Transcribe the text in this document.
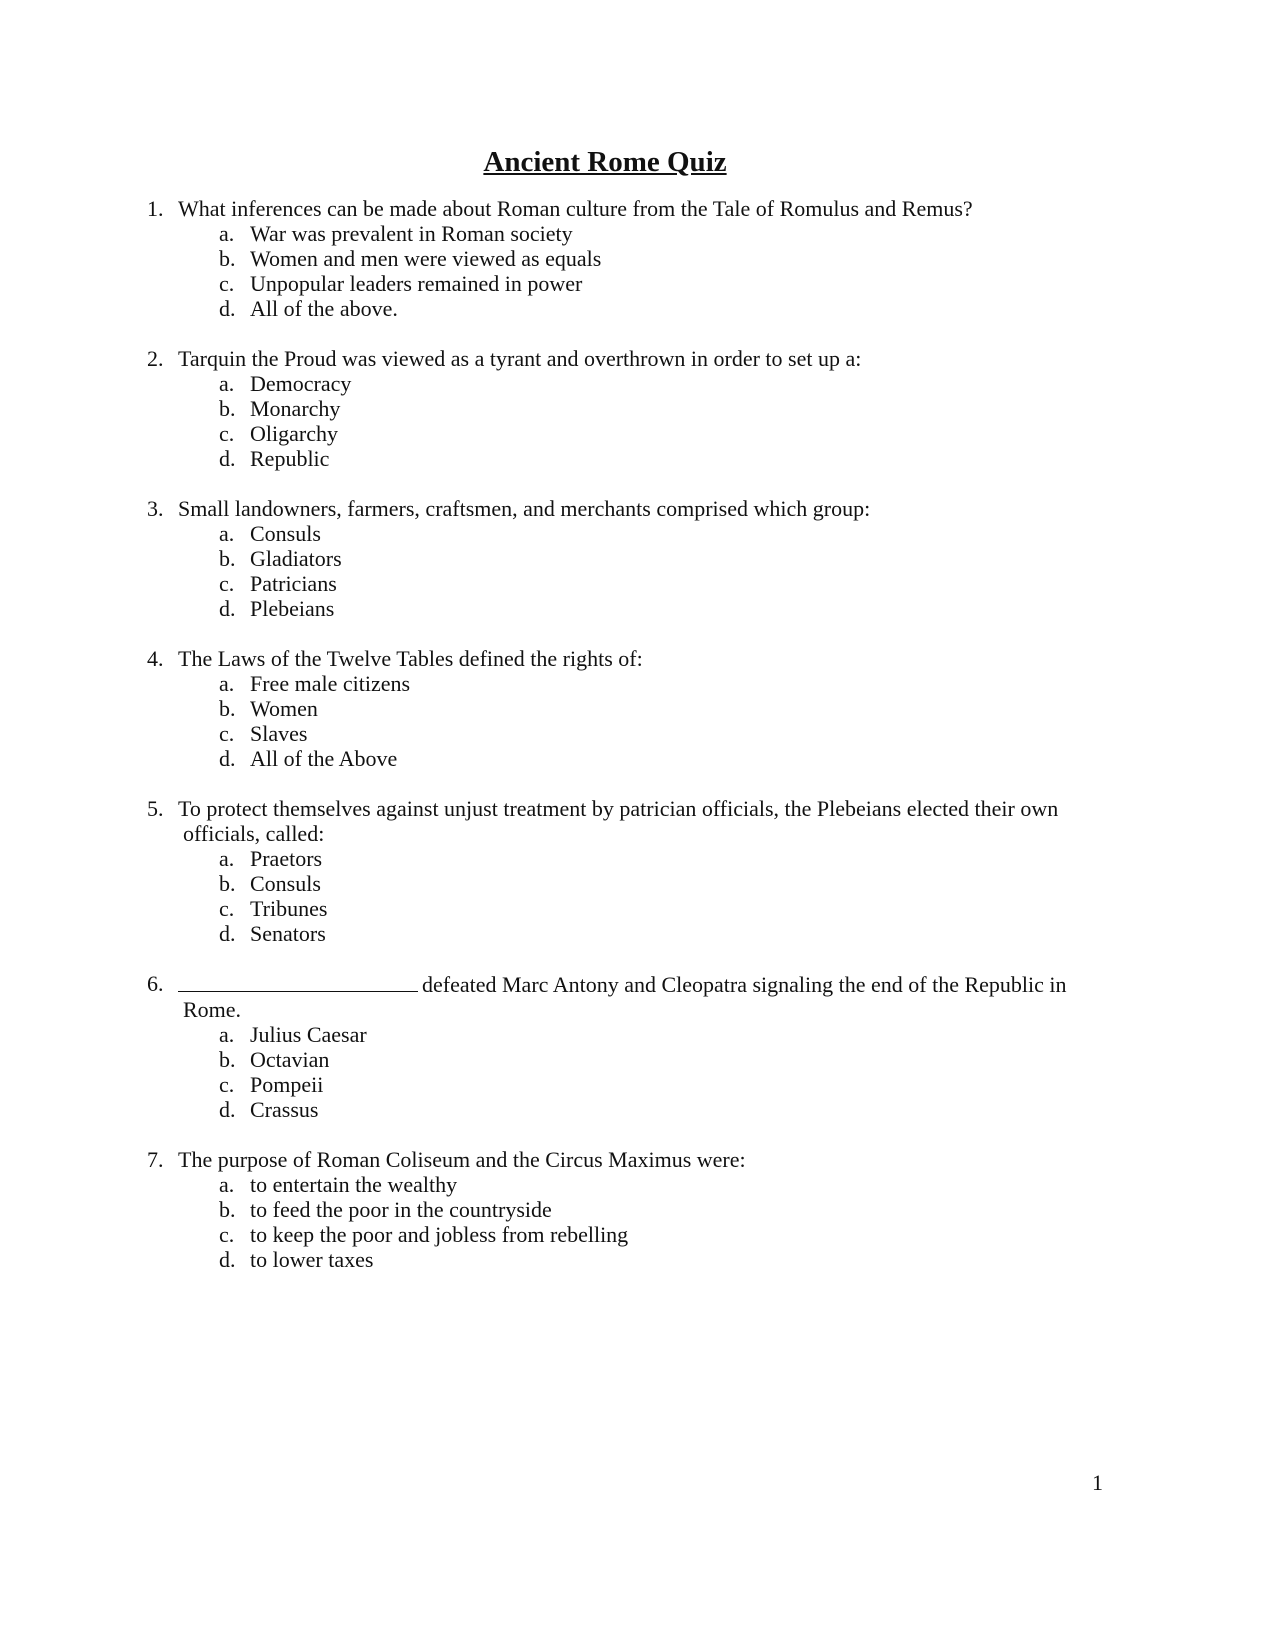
Ancient Rome Quiz
1. What inferences can be made about Roman culture from the Tale of Romulus and Remus?
a. War was prevalent in Roman society
b. Women and men were viewed as equals
c. Unpopular leaders remained in power
d. All of the above.
2. Tarquin the Proud was viewed as a tyrant and overthrown in order to set up a:
a. Democracy
b. Monarchy
c. Oligarchy
d. Republic
3. Small landowners, farmers, craftsmen, and merchants comprised which group:
a. Consuls
b. Gladiators
c. Patricians
d. Plebeians
4. The Laws of the Twelve Tables defined the rights of:
a. Free male citizens
b. Women
c. Slaves
d. All of the Above
5. To protect themselves against unjust treatment by patrician officials, the Plebeians elected their own
officials, called:
a. Praetors
b. Consuls
c. Tribunes
d. Senators
6.	defeated Marc Antony and Cleopatra signaling the end of the Republic in
Rome.
a. Julius Caesar
b. Octavian
c. Pompeii
d. Crassus
7. The purpose of Roman Coliseum and the Circus Maximus were:
a. to entertain the wealthy
b. to feed the poor in the countryside
c. to keep the poor and jobless from rebelling
d. to lower taxes
1
